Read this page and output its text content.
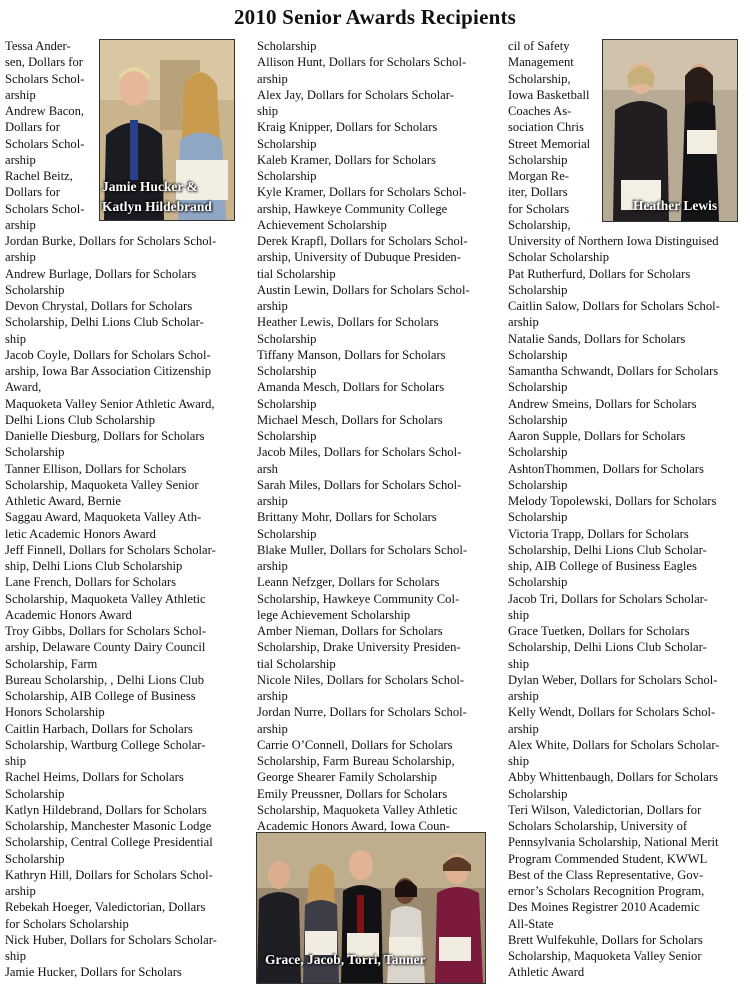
2010 Senior Awards Recipients
Tessa Ander-
sen, Dollars for
Scholars Schol-
arship
Andrew Bacon,
Dollars for
Scholars Schol-
arship
Rachel Beitz,
Dollars for
Scholars Schol-
arship
Jordan Burke, Dollars for Scholars Schol-
arship
Andrew Burlage, Dollars for Scholars
Scholarship
Devon Chrystal, Dollars for Scholars
Scholarship, Delhi Lions Club Scholar-
ship
Jacob Coyle, Dollars for Scholars Schol-
arship, Iowa Bar Association Citizenship
Award,
Maquoketa Valley Senior Athletic Award,
Delhi Lions Club Scholarship
Danielle Diesburg, Dollars for Scholars
Scholarship
Tanner Ellison, Dollars for Scholars
Scholarship, Maquoketa Valley Senior
Athletic Award, Bernie
Saggau Award, Maquoketa Valley Ath-
letic Academic Honors Award
Jeff Finnell, Dollars for Scholars Scholar-
ship, Delhi Lions Club Scholarship
Lane French, Dollars for Scholars
Scholarship, Maquoketa Valley Athletic
Academic Honors Award
Troy Gibbs, Dollars for Scholars Schol-
arship, Delaware County Dairy Council
Scholarship, Farm
Bureau Scholarship, , Delhi Lions Club
Scholarship, AIB College of Business
Honors Scholarship
Caitlin Harbach, Dollars for Scholars
Scholarship, Wartburg College Scholar-
ship
Rachel Heims, Dollars for Scholars
Scholarship
Katlyn Hildebrand, Dollars for Scholars
Scholarship, Manchester Masonic Lodge
Scholarship, Central College Presidential
Scholarship
Kathryn Hill, Dollars for Scholars Schol-
arship
Rebekah Hoeger, Valedictorian, Dollars
for Scholars Scholarship
Nick Huber, Dollars for Scholars Scholar-
ship
Jamie Hucker, Dollars for Scholars
Scholarship
Allison Hunt, Dollars for Scholars Schol-
arship
Alex Jay, Dollars for Scholars Scholar-
ship
Kraig Knipper, Dollars for Scholars
Scholarship
Kaleb Kramer, Dollars for Scholars
Scholarship
Kyle Kramer, Dollars for Scholars Schol-
arship, Hawkeye Community College
Achievement Scholarship
Derek Krapfl, Dollars for Scholars Schol-
arship, University of Dubuque Presiden-
tial Scholarship
Austin Lewin, Dollars for Scholars Schol-
arship
Heather Lewis, Dollars for Scholars
Scholarship
Tiffany Manson, Dollars for Scholars
Scholarship
Amanda Mesch, Dollars for Scholars
Scholarship
Michael Mesch, Dollars for Scholars
Scholarship
Jacob Miles, Dollars for Scholars Schol-
arsh
Sarah Miles, Dollars for Scholars Schol-
arship
Brittany Mohr, Dollars for Scholars
Scholarship
Blake Muller, Dollars for Scholars Schol-
arship
Leann Nefzger, Dollars for Scholars
Scholarship, Hawkeye Community Col-
lege Achievement Scholarship
Amber Nieman, Dollars for Scholars
Scholarship, Drake University Presiden-
tial Scholarship
Nicole Niles, Dollars for Scholars Schol-
arship
Jordan Nurre, Dollars for Scholars Schol-
arship
Carrie O’Connell, Dollars for Scholars
Scholarship, Farm Bureau Scholarship,
George Shearer Family Scholarship
Emily Preussner, Dollars for Scholars
Scholarship, Maquoketa Valley Athletic
Academic Honors Award, Iowa Coun-
cil of Safety
Management
Scholarship,
Iowa Basketball
Coaches As-
sociation Chris
Street Memorial
Scholarship
Morgan Re-
iter, Dollars
for Scholars
Scholarship,
University of Northern Iowa Distinguised
Scholar Scholarship
Pat Rutherfurd, Dollars for Scholars
Scholarship
Caitlin Salow, Dollars for Scholars Schol-
arship
Natalie Sands, Dollars for Scholars
Scholarship
Samantha Schwandt, Dollars for Scholars
Scholarship
Andrew Smeins, Dollars for Scholars
Scholarship
Aaron Supple, Dollars for Scholars
Scholarship
AshtonThommen, Dollars for Scholars
Scholarship
Melody Topolewski, Dollars for Scholars
Scholarship
Victoria Trapp, Dollars for Scholars
Scholarship, Delhi Lions Club Scholar-
ship, AIB College of Business Eagles
Scholarship
Jacob Tri, Dollars for Scholars Scholar-
ship
Grace Tuetken, Dollars for Scholars
Scholarship, Delhi Lions Club Scholar-
ship
Dylan Weber, Dollars for Scholars Schol-
arship
Kelly Wendt, Dollars for Scholars Schol-
arship
Alex White, Dollars for Scholars Scholar-
ship
Abby Whittenbaugh, Dollars for Scholars
Scholarship
Teri Wilson, Valedictorian, Dollars for
Scholars Scholarship, University of
Pennsylvania Scholarship, National Merit
Program Commended Student, KWWL
Best of the Class Representative, Gov-
ernor’s Scholars Recognition Program,
Des Moines Registrer 2010 Academic
All-State
Brett Wulfekuhle, Dollars for Scholars
Scholarship, Maquoketa Valley Senior
Athletic Award
Jamie Hucker &
Katlyn Hildebrand	Heather Lewis
Grace, Jacob, Torri, Tanner
